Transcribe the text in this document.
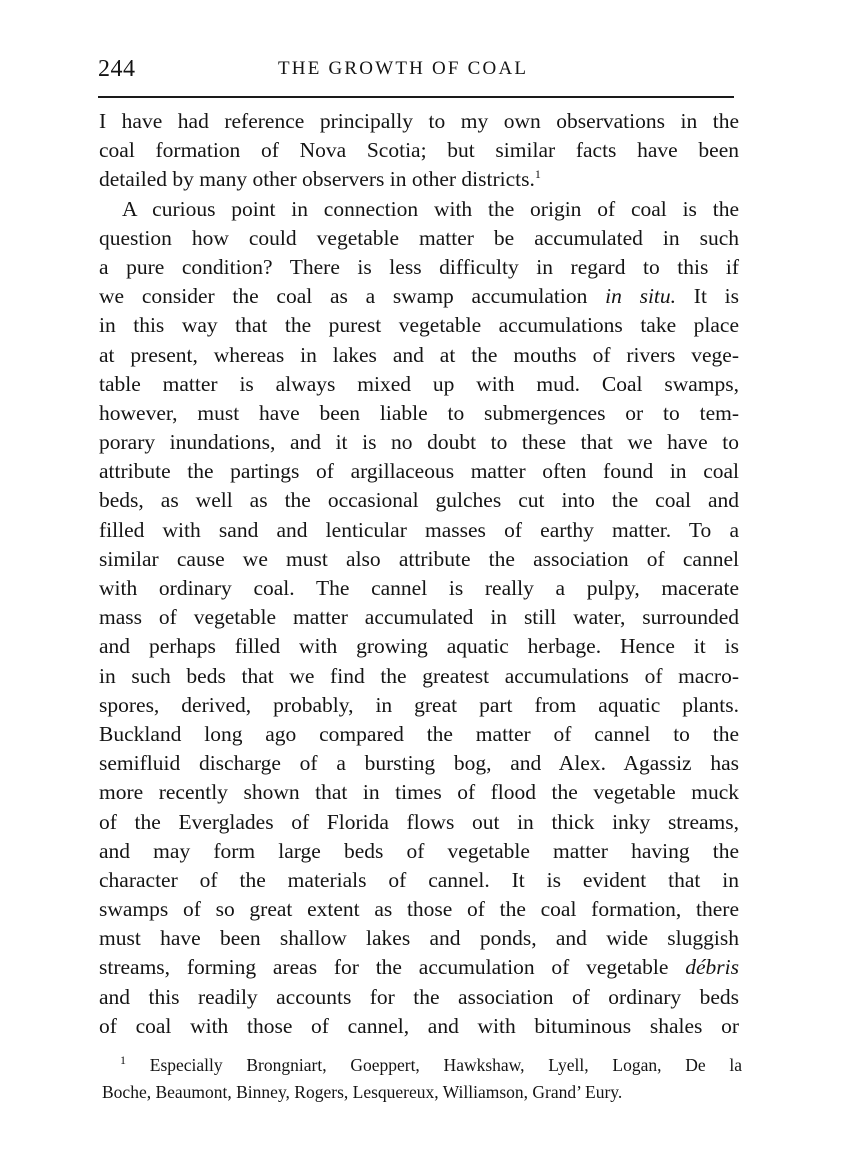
244	THE GROWTH OF COAL
I have had reference principally to my own observations in the
coal formation of Nova Scotia; but similar facts have been
detailed by many other observers in other districts.$^1$
A curious point in connection with the origin of coal is the
question how could vegetable matter be accumulated in such
a pure condition? There is less difficulty in regard to this if
we consider the coal as a swamp accumulation in situ. It is
in this way that the purest vegetable accumulations take place
at present, whereas in lakes and at the mouths of rivers vege-
table matter is always mixed up with mud. Coal swamps,
however, must have been liable to submergences or to tem-
porary inundations, and it is no doubt to these that we have to
attribute the partings of argillaceous matter often found in coal
beds, as well as the occasional gulches cut into the coal and
filled with sand and lenticular masses of earthy matter. To a
similar cause we must also attribute the association of cannel
with ordinary coal. The cannel is really a pulpy, macerate
mass of vegetable matter accumulated in still water, surrounded
and perhaps filled with growing aquatic herbage. Hence it is
in such beds that we find the greatest accumulations of macro-
spores, derived, probably, in great part from aquatic plants.
Buckland long ago compared the matter of cannel to the
semifluid discharge of a bursting bog, and Alex. Agassiz has
more recently shown that in times of flood the vegetable muck
of the Everglades of Florida flows out in thick inky streams,
and may form large beds of vegetable matter having the
character of the materials of cannel. It is evident that in
swamps of so great extent as those of the coal formation, there
must have been shallow lakes and ponds, and wide sluggish
streams, forming areas for the accumulation of vegetable débris
and this readily accounts for the association of ordinary beds
of coal with those of cannel, and with bituminous shales or
$^1$ Especially Brongniart, Goeppert, Hawkshaw, Lyell, Logan, De la
Boche, Beaumont, Binney, Rogers, Lesquereux, Williamson, Grand’ Eury.
